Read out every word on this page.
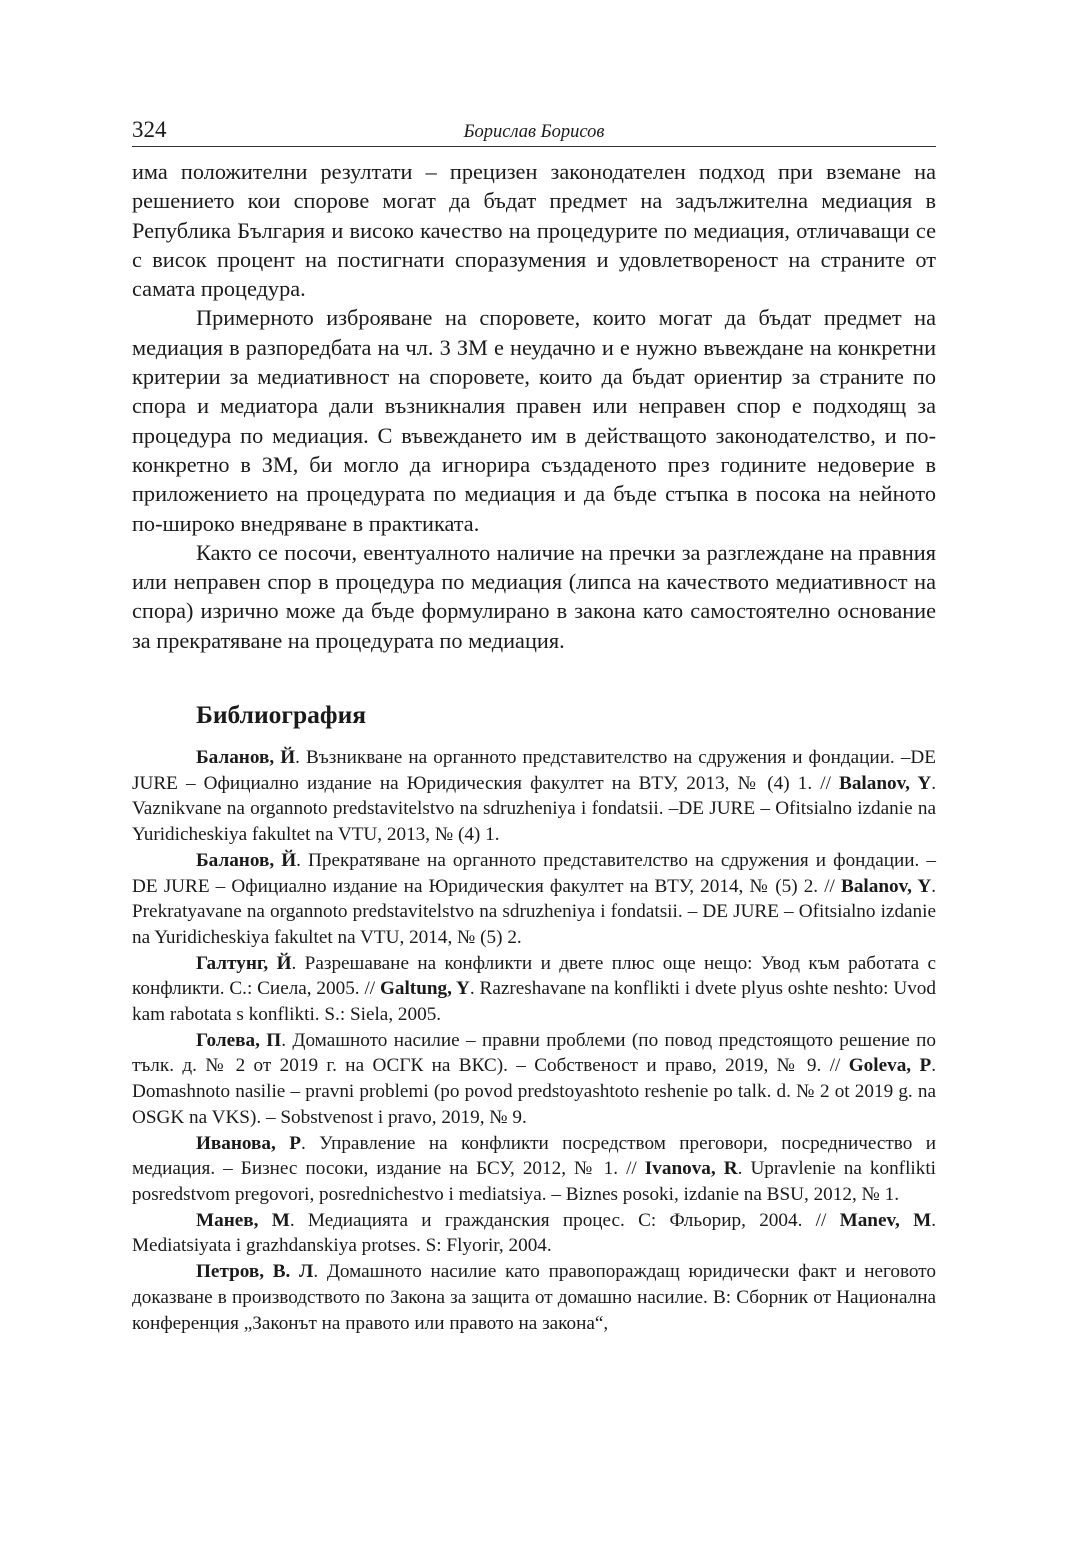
324	Борислав Борисов

има положителни резултати – прецизен законодателен подход при вземане на решението кои спорове могат да бъдат предмет на задължителна медиация в Република България и високо качество на процедурите по медиация, отличаващи се с висок процент на постигнати споразумения и удовлетвореност на страните от самата процедура.

Примерното изброяване на споровете, които могат да бъдат предмет на медиация в разпоредбата на чл. 3 ЗМ е неудачно и е нужно въвеждане на конкретни критерии за медиативност на споровете, които да бъдат ориентир за страните по спора и медиатора дали възникналия правен или неправен спор е подходящ за процедура по медиация. С въвеждането им в действащото законодателство, и по-конкретно в ЗМ, би могло да игнорира създаденото през годините недоверие в приложението на процедурата по медиация и да бъде стъпка в посока на нейното по-широко внедряване в практиката.

Както се посочи, евентуалното наличие на пречки за разглеждане на правния или неправен спор в процедура по медиация (липса на качеството медиативност на спора) изрично може да бъде формулирано в закона като самостоятелно основание за прекратяване на процедурата по медиация.

Библиография

Баланов, Й. Възникване на органното представителство на сдружения и фондации. –DE JURE – Официално издание на Юридическия факултет на ВТУ, 2013, № (4) 1. // Balanov, Y. Vaznikvane na organnoto predstavitelstvo na sdruzheniya i fondatsii. –DE JURE – Ofitsialno izdanie na Yuridicheskiya fakultet na VTU, 2013, № (4) 1.

Баланов, Й. Прекратяване на органното представителство на сдружения и фондации. – DE JURE – Официално издание на Юридическия факултет на ВТУ, 2014, № (5) 2. // Balanov, Y. Prekratyavane na organnoto predstavitelstvo na sdruzheniya i fondatsii. – DE JURE – Ofitsialno izdanie na Yuridicheskiya fakultet na VTU, 2014, № (5) 2.

Галтунг, Й. Разрешаване на конфликти и двете плюс още нещо: Увод към работата с конфликти. С.: Сиела, 2005. // Galtung, Y. Razreshavane na konflikti i dvete plyus oshte neshto: Uvod kam rabotata s konflikti. S.: Siela, 2005.

Голева, П. Домашното насилие – правни проблеми (по повод предстоящото решение по тълк. д. № 2 от 2019 г. на ОСГК на ВКС). – Собственост и право, 2019, № 9. // Goleva, P. Domashnoto nasilie – pravni problemi (po povod predstoyashtoto reshenie po talk. d. № 2 ot 2019 g. na OSGK na VKS). – Sobstvenost i pravo, 2019, № 9.

Иванова, Р. Управление на конфликти посредством преговори, посредничество и медиация. – Бизнес посоки, издание на БСУ, 2012, № 1. // Ivanova, R. Upravlenie na konflikti posredstvom pregovori, posrednichestvo i mediatsiya. – Biznes posoki, izdanie na BSU, 2012, № 1.

Манев, М. Медиацията и гражданския процес. С: Фльорир, 2004. // Manev, M. Mediatsiyata i grazhdanskiya protses. S: Flyorir, 2004.

Петров, В. Л. Домашното насилие като правопораждащ юридически факт и неговото доказване в производството по Закона за защита от домашно насилие. В: Сборник от Национална конференция „Законът на правото или правото на закона“,
